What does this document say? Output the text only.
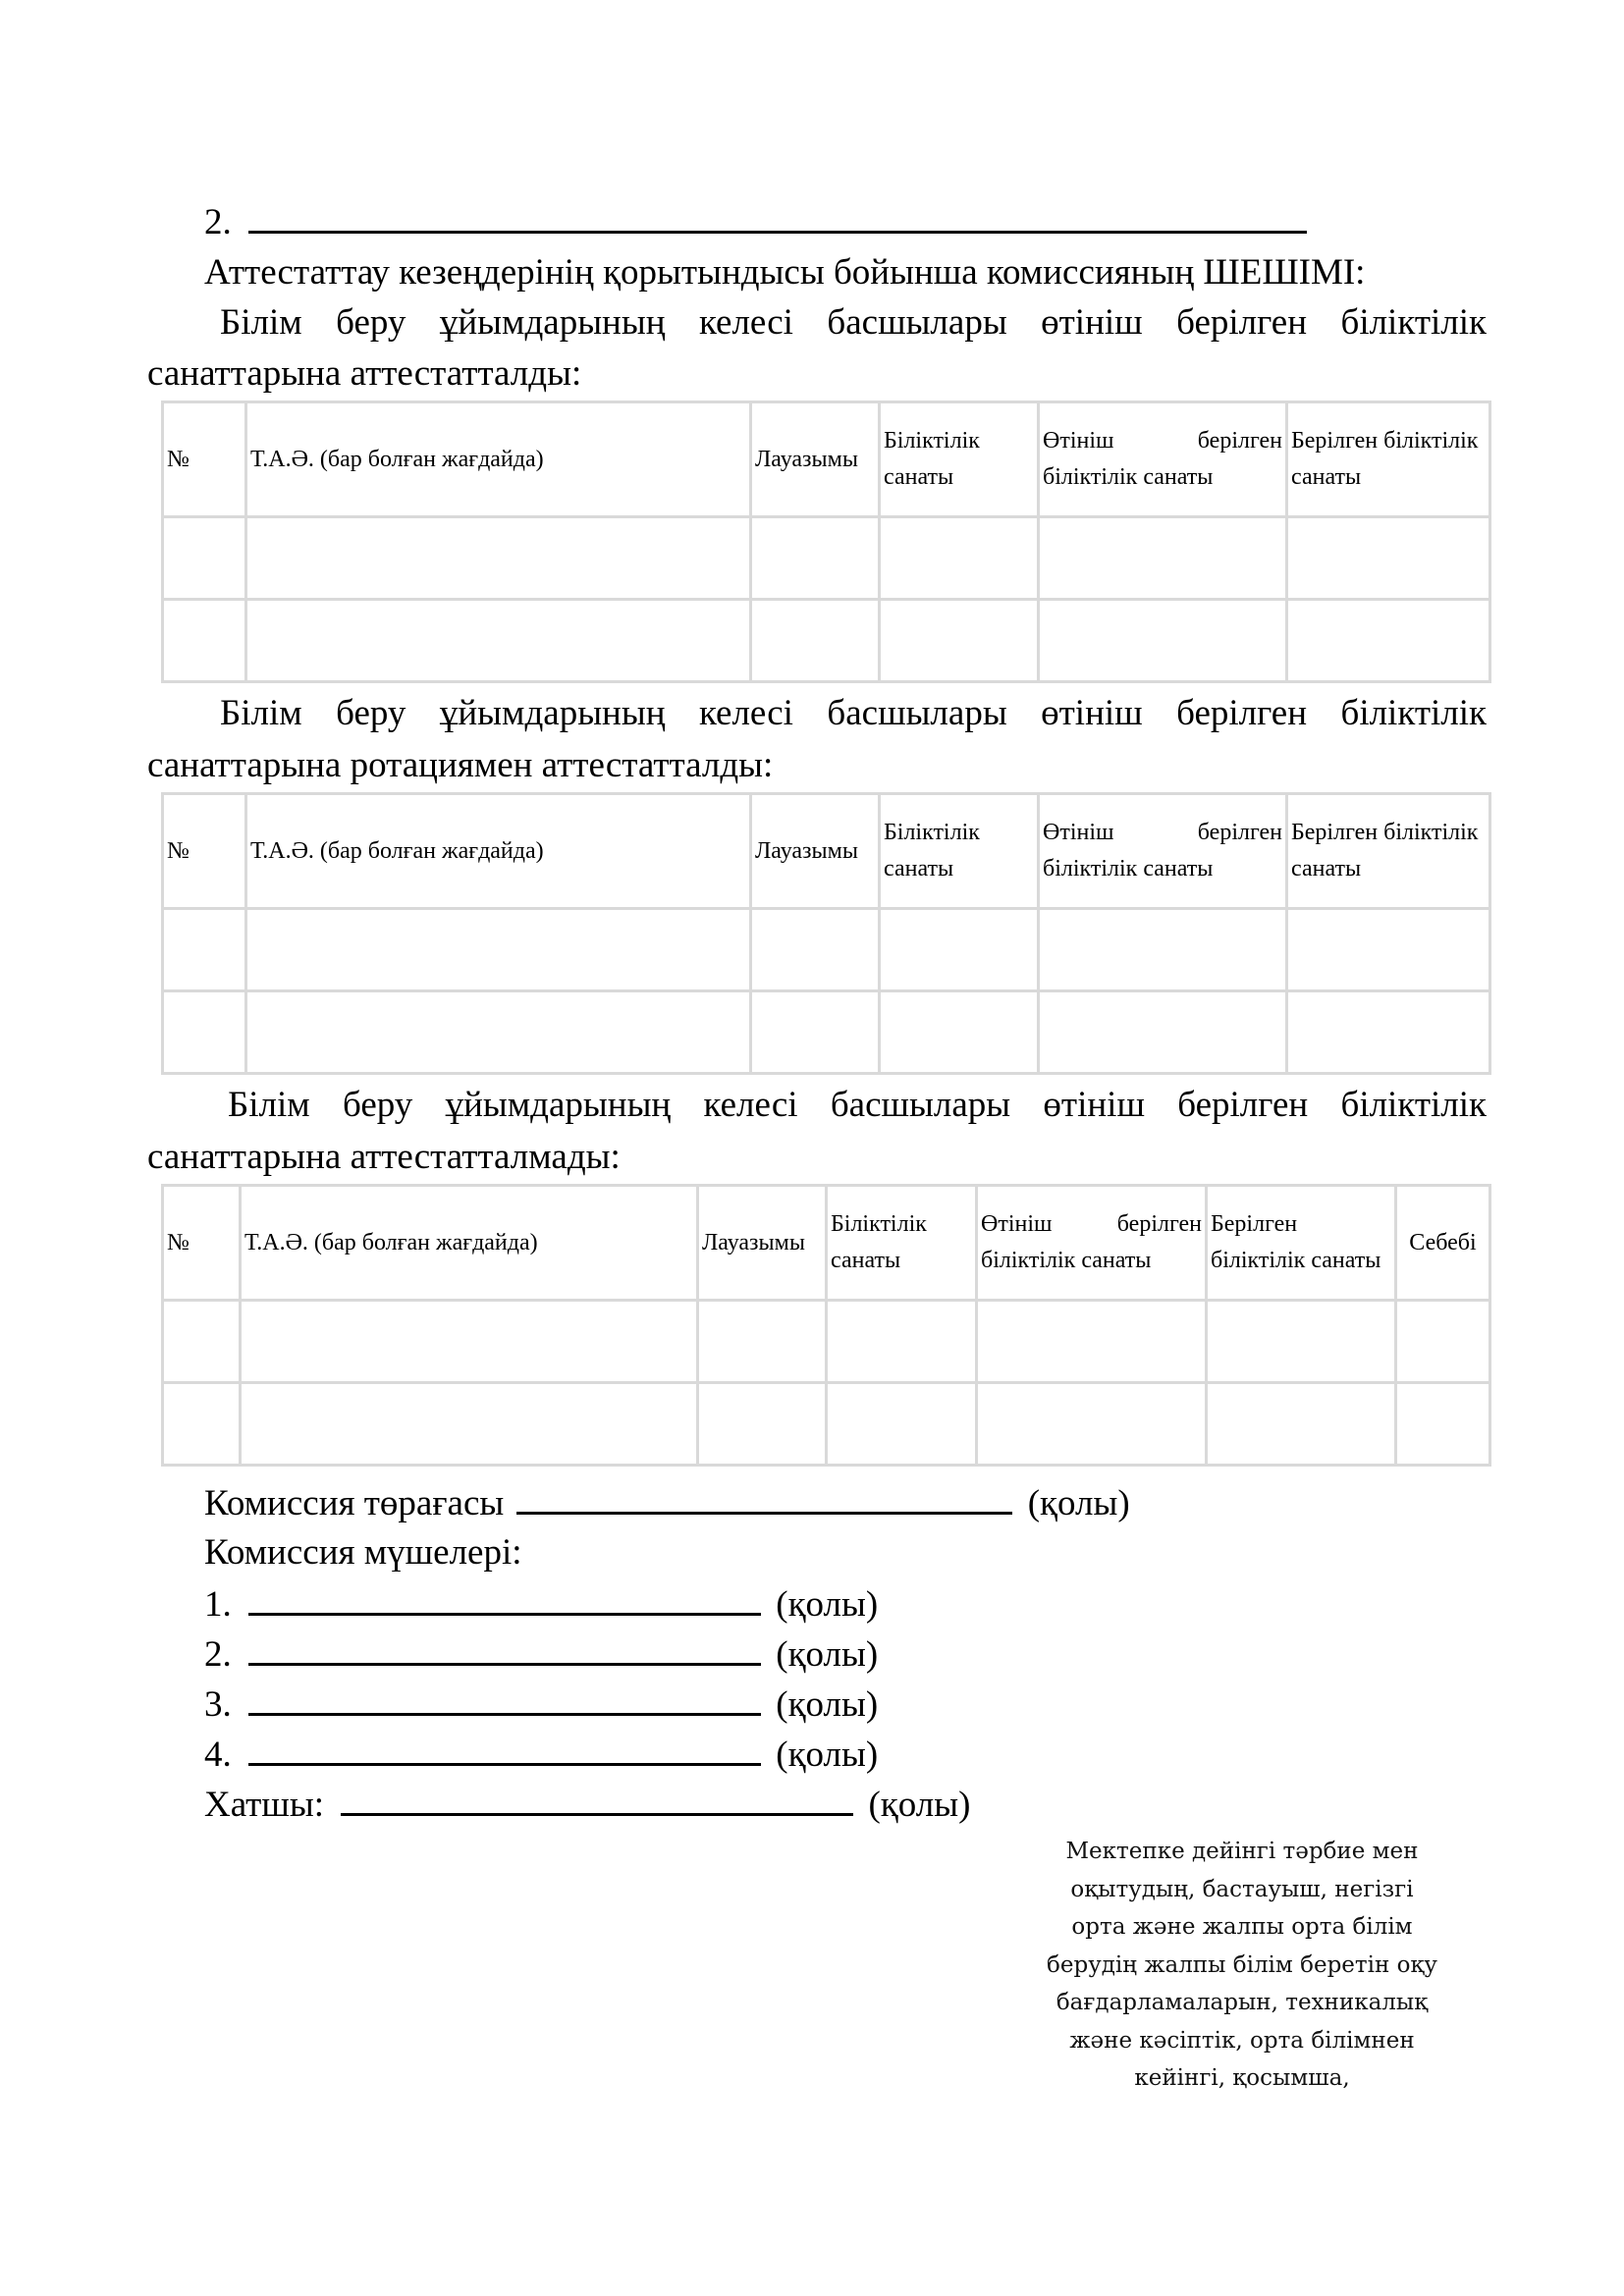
2.
Аттестаттау кезеңдерінің қорытындысы бойынша комиссияның ШЕШІМІ:
Білім беру ұйымдарының келесі басшылары өтініш берілген біліктілік
санаттарына аттестатталды:
№	Т.А.Ә. (бар болған жағдайда)	Лауазымы	Біліктілік санаты	Өтініш берілген біліктілік санаты	Берілген біліктілік санаты

Білім беру ұйымдарының келесі басшылары өтініш берілген біліктілік
санаттарына ротациямен аттестатталды:
№	Т.А.Ә. (бар болған жағдайда)	Лауазымы	Біліктілік санаты	Өтініш берілген біліктілік санаты	Берілген біліктілік санаты

Білім беру ұйымдарының келесі басшылары өтініш берілген біліктілік
санаттарына аттестатталмады:
№	Т.А.Ә. (бар болған жағдайда)	Лауазымы	Біліктілік санаты	Өтініш берілген біліктілік санаты	Берілген біліктілік санаты	Себебі

Комиссия төрағасы	(қолы)
Комиссия мүшелері:
1.	(қолы)
2.	(қолы)
3.	(қолы)
4.	(қолы)
Хатшы:	(қолы)
Мектепке дейінгі тәрбие мен
оқытудың, бастауыш, негізгі
орта және жалпы орта білім
берудің жалпы білім беретін оқу
бағдарламаларын, техникалық
және кәсіптік, орта білімнен
кейінгі, қосымша,
